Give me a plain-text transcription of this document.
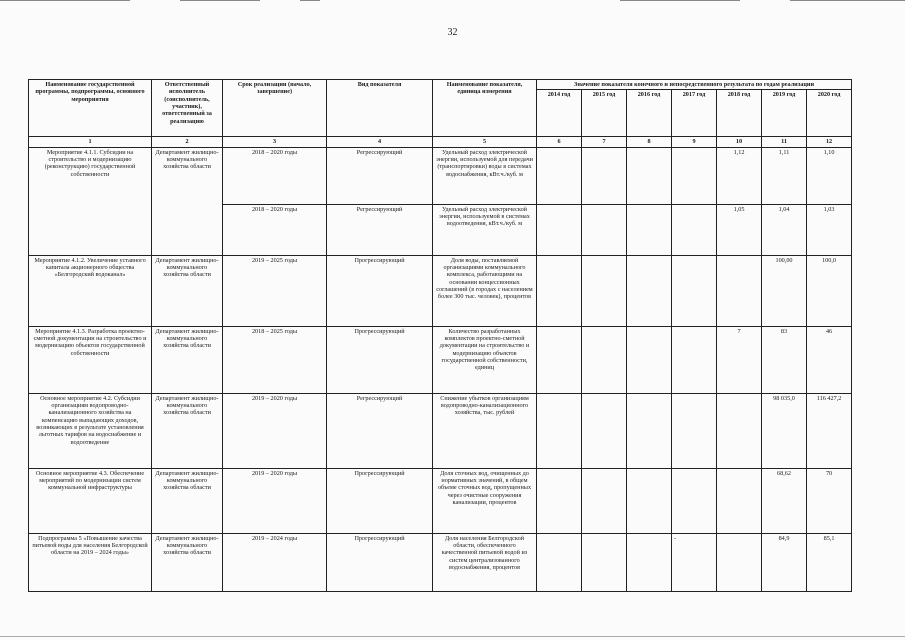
32
Наименование государственной программы, подпрограммы, основного мероприятия	Ответственный исполнитель (соисполнитель, участник), ответственный за реализацию	Срок реализации (начало, завершение)	Вид показателя	Наименование показателя, единица измерения	Значение показателя конечного и непосредственного результата по годам реализации						
					2014 год	2015 год	2016 год	2017 год	2018 год	2019 год	2020 год
1	2	3	4	5	6	7	8	9	10	11	12
Мероприятие 4.1.1. Субсидии на строительство и модернизацию (реконструкцию) государственной собственности	Департамент жилищно-коммунального хозяйства области	2018 – 2020 годы	Регрессирующий	Удельный расход электрической энергии, используемой для передачи (транспортировки) воды в системах водоснабжения, кВт.ч./куб. м					1,12	1,11	1,10
		2018 – 2020 годы	Регрессирующий	Удельный расход электрической энергии, используемой в системах водоотведения, кВт.ч./куб. м					1,05	1,04	1,03
Мероприятие 4.1.2. Увеличение уставного капитала акционерного общества «Белгородский водоканал»	Департамент жилищно-коммунального хозяйства области	2019 – 2025 годы	Прогрессирующий	Доля воды, поставляемой организациями коммунального комплекса, работающими на основании концессионных соглашений (в городах с населением более 300 тыс. человек), процентов						100,00	100,0
Мероприятие 4.1.3. Разработка проектно-сметной документации на строительство и модернизацию объектов государственной собственности	Департамент жилищно-коммунального хозяйства области	2018 – 2025 годы	Прогрессирующий	Количество разработанных комплектов проектно-сметной документации на строительство и модернизацию объектов государственной собственности, единиц					7	83	46
Основное мероприятие 4.2. Субсидии организациям водопроводно-канализационного хозяйства на компенсацию выпадающих доходов, возникающих в результате установления льготных тарифов на водоснабжение и водоотведение	Департамент жилищно-коммунального хозяйства области	2019 – 2020 годы	Регрессирующий	Снижение убытков организациям водопроводно-канализационного хозяйства, тыс. рублей						98 035,0	116 427,2
Основное мероприятие 4.3. Обеспечение мероприятий по модернизации систем коммунальной инфраструктуры	Департамент жилищно-коммунального хозяйства области	2019 – 2020 годы	Прогрессирующий	Доля сточных вод, очищенных до нормативных значений, в общем объеме сточных вод, пропущенных через очистные сооружения канализации, процентов						68,62	70
Подпрограмма 5 «Повышение качества питьевой воды для населения Белгородской области на 2019 – 2024 годы»	Департамент жилищно-коммунального хозяйства области	2019 – 2024 годы	Прогрессирующий	Доля населения Белгородской области, обеспеченного качественной питьевой водой из систем централизованного водоснабжения, процентов				-		84,9	85,1
